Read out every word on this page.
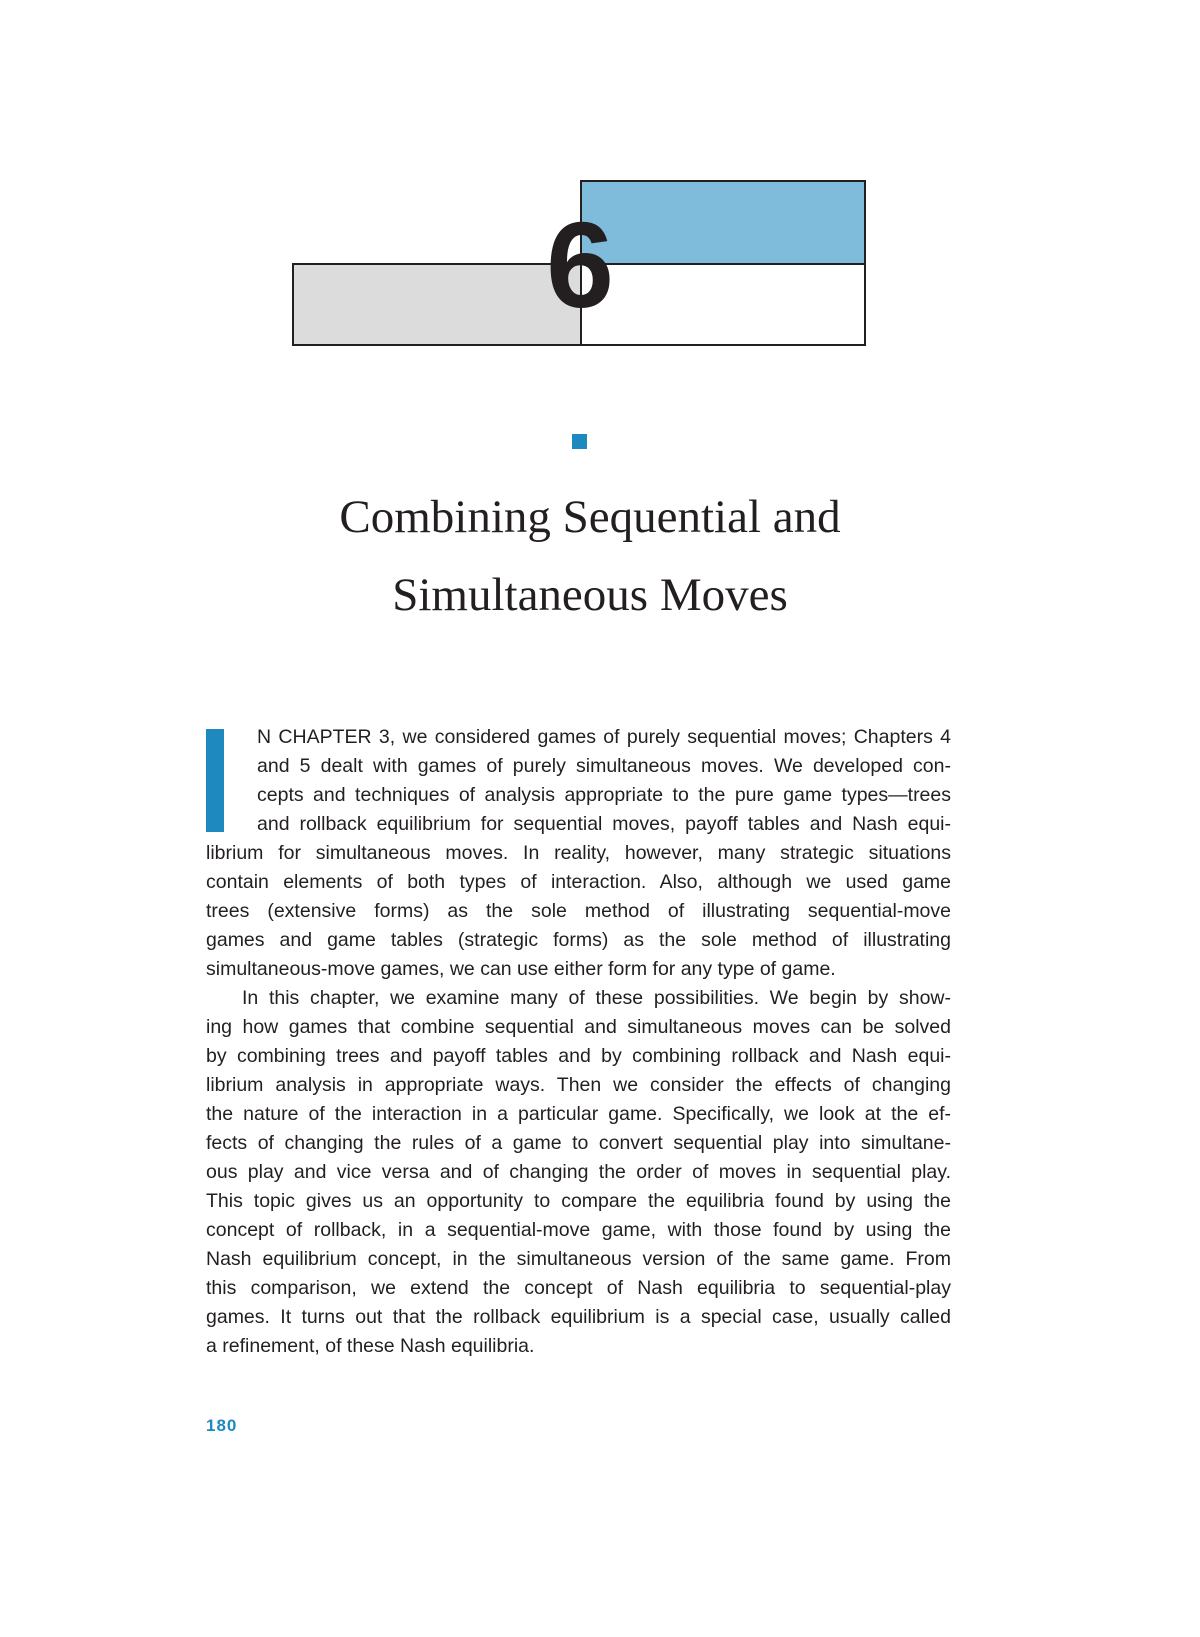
6
Combining Sequential and
Simultaneous Moves
N CHAPTER 3, we considered games of purely sequential moves; Chapters 4
and 5 dealt with games of purely simultaneous moves. We developed con-
cepts and techniques of analysis appropriate to the pure game types—trees
and rollback equilibrium for sequential moves, payoff tables and Nash equi-
librium for simultaneous moves. In reality, however, many strategic situations
contain elements of both types of interaction. Also, although we used game
trees (extensive forms) as the sole method of illustrating sequential-move
games and game tables (strategic forms) as the sole method of illustrating
simultaneous-move games, we can use either form for any type of game.
In this chapter, we examine many of these possibilities. We begin by show-
ing how games that combine sequential and simultaneous moves can be solved
by combining trees and payoff tables and by combining rollback and Nash equi-
librium analysis in appropriate ways. Then we consider the effects of changing
the nature of the interaction in a particular game. Specifically, we look at the ef-
fects of changing the rules of a game to convert sequential play into simultane-
ous play and vice versa and of changing the order of moves in sequential play.
This topic gives us an opportunity to compare the equilibria found by using the
concept of rollback, in a sequential-move game, with those found by using the
Nash equilibrium concept, in the simultaneous version of the same game. From
this comparison, we extend the concept of Nash equilibria to sequential-play
games. It turns out that the rollback equilibrium is a special case, usually called
a refinement, of these Nash equilibria.
180
